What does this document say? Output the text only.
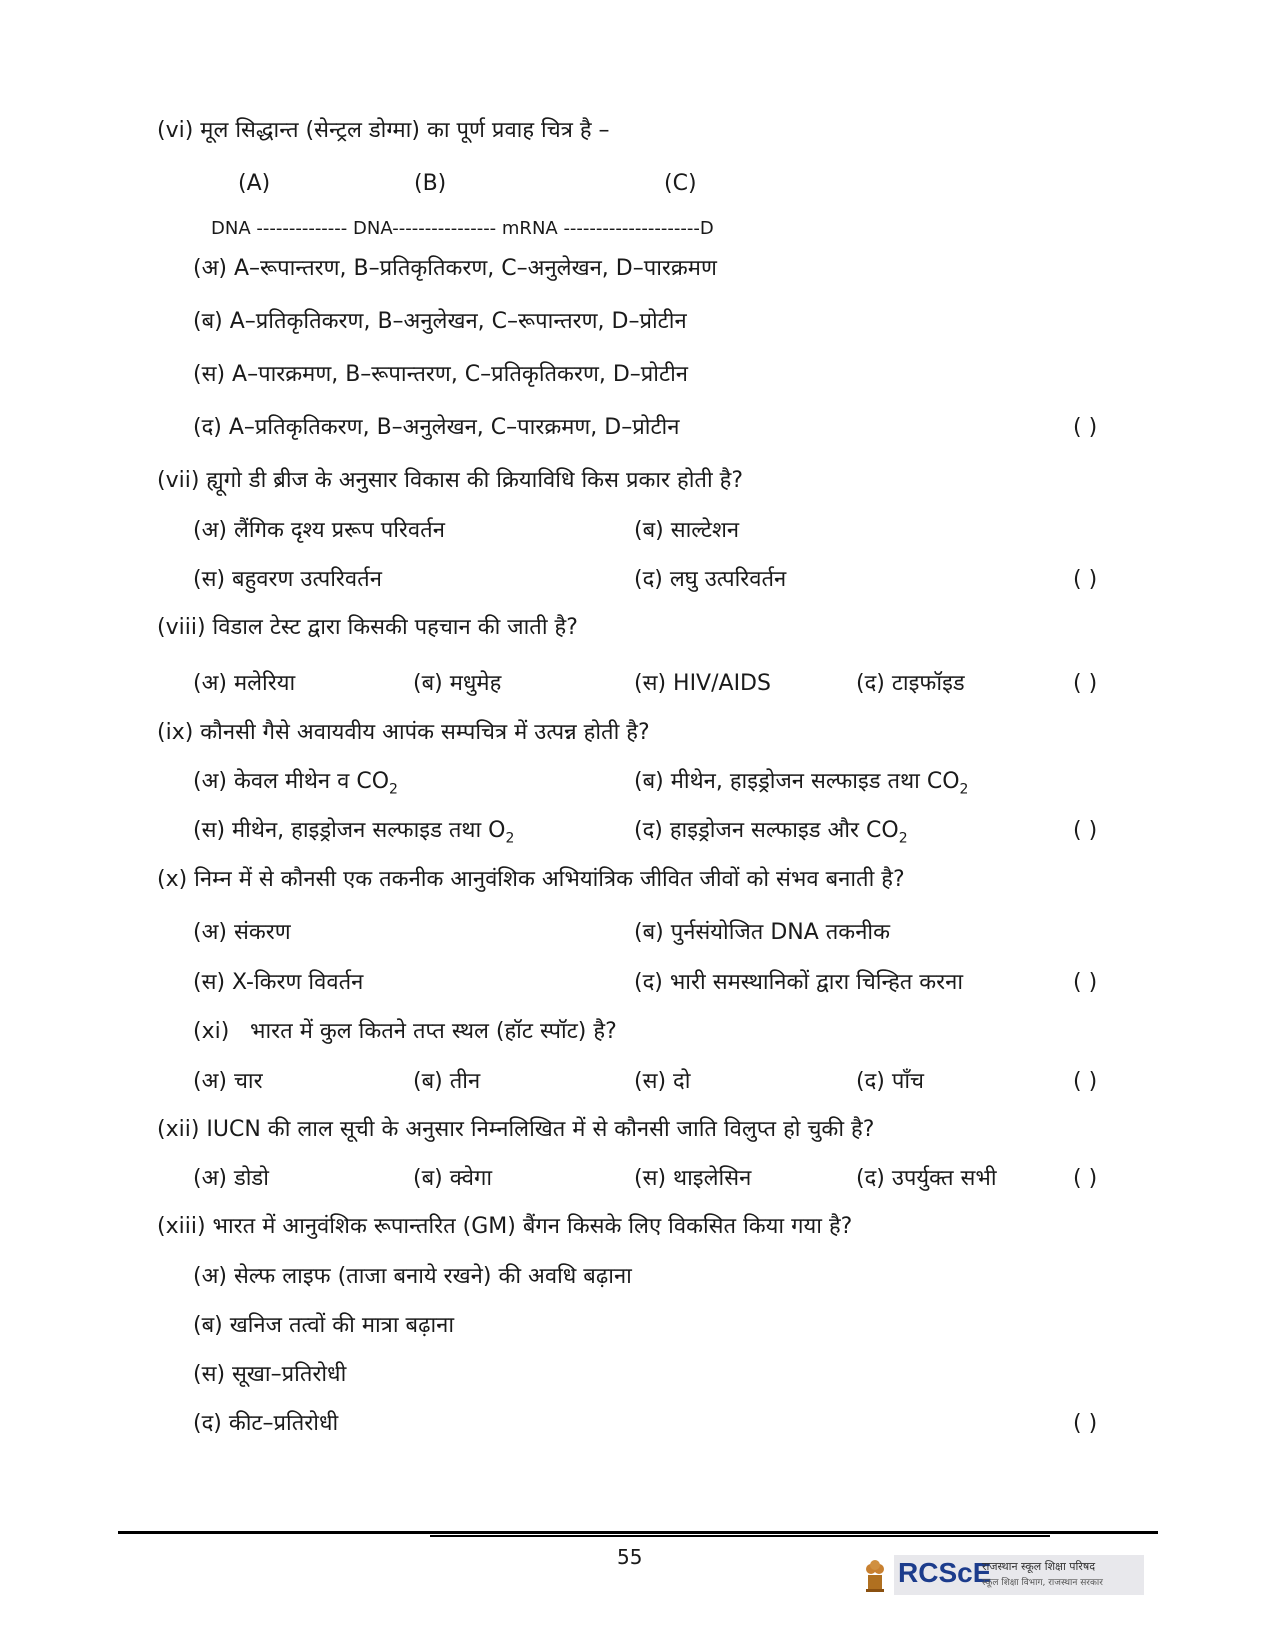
(vi) मूल सिद्धान्त (सेन्ट्रल डोग्मा) का पूर्ण प्रवाह चित्र है –
(A)	(B)	(C)
DNA -------------- DNA---------------- mRNA ---------------------D
(अ) A–रूपान्तरण, B–प्रतिकृतिकरण, C–अनुलेखन, D–पारक्रमण
(ब) A–प्रतिकृतिकरण, B–अनुलेखन, C–रूपान्तरण, D–प्रोटीन
(स) A–पारक्रमण, B–रूपान्तरण, C–प्रतिकृतिकरण, D–प्रोटीन
(द) A–प्रतिकृतिकरण, B–अनुलेखन, C–पारक्रमण, D–प्रोटीन	( )
(vii) ह्यूगो डी ब्रीज के अनुसार विकास की क्रियाविधि किस प्रकार होती है?
(अ) लैंगिक दृश्य प्ररूप परिवर्तन	(ब) साल्टेशन
(स) बहुवरण उत्परिवर्तन	(द) लघु उत्परिवर्तन	( )
(viii) विडाल टेस्ट द्वारा किसकी पहचान की जाती है?
(अ) मलेरिया	(ब) मधुमेह	(स) HIV/AIDS	(द) टाइफॉइड	( )
(ix) कौनसी गैसे अवायवीय आपंक सम्पचित्र में उत्पन्न होती है?
(अ) केवल मीथेन व $CO_2$	(ब) मीथेन, हाइड्रोजन सल्फाइड तथा $CO_2$
(स) मीथेन, हाइड्रोजन सल्फाइड तथा $O_2$	(द) हाइड्रोजन सल्फाइड और $CO_2$	( )
(x) निम्न में से कौनसी एक तकनीक आनुवंशिक अभियांत्रिक जीवित जीवों को संभव बनाती है?
(अ) संकरण	(ब) पुर्नसंयोजित DNA तकनीक
(स) X-किरण विवर्तन	(द) भारी समस्थानिकों द्वारा चिन्हित करना	( )
(xi) भारत में कुल कितने तप्त स्थल (हॉट स्पॉट) है?
(अ) चार	(ब) तीन	(स) दो	(द) पाँच	( )
(xii) IUCN की लाल सूची के अनुसार निम्नलिखित में से कौनसी जाति विलुप्त हो चुकी है?
(अ) डोडो	(ब) क्वेगा	(स) थाइलेसिन	(द) उपर्युक्त सभी	( )
(xiii) भारत में आनुवंशिक रूपान्तरित (GM) बैंगन किसके लिए विकसित किया गया है?
(अ) सेल्फ लाइफ (ताजा बनाये रखने) की अवधि बढ़ाना
(ब) खनिज तत्वों की मात्रा बढ़ाना
(स) सूखा–प्रतिरोधी
(द) कीट–प्रतिरोधी	( )
55	RCScE
राजस्थान स्कूल शिक्षा परिषद
स्कूल शिक्षा विभाग, राजस्थान सरकार
